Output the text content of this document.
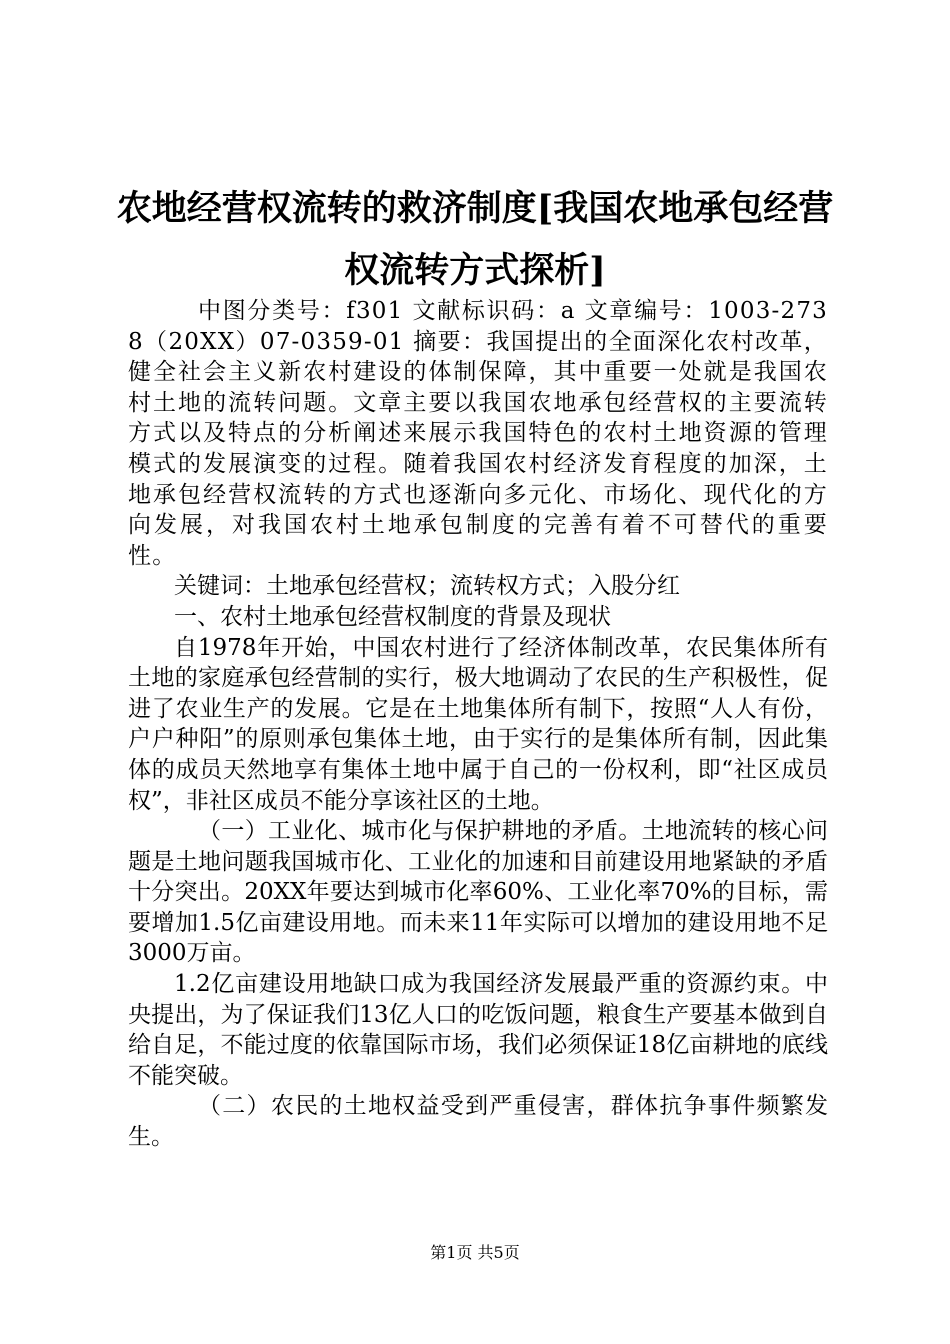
农地经营权流转的救济制度[我国农地承包经营权流转方式探析]

中图分类号：f301 文献标识码：a 文章编号：1003-2738（20XX）07-0359-01 摘要：我国提出的全面深化农村改革，健全社会主义新农村建设的体制保障，其中重要一处就是我国农村土地的流转问题。文章主要以我国农地承包经营权的主要流转方式以及特点的分析阐述来展示我国特色的农村土地资源的管理模式的发展演变的过程。随着我国农村经济发育程度的加深，土地承包经营权流转的方式也逐渐向多元化、市场化、现代化的方向发展，对我国农村土地承包制度的完善有着不可替代的重要性。

关键词：土地承包经营权；流转权方式；入股分红

一、农村土地承包经营权制度的背景及现状

自1978年开始，中国农村进行了经济体制改革，农民集体所有土地的家庭承包经营制的实行，极大地调动了农民的生产积极性，促进了农业生产的发展。它是在土地集体所有制下，按照“人人有份，户户种阳”的原则承包集体土地，由于实行的是集体所有制，因此集体的成员天然地享有集体土地中属于自己的一份权利，即“社区成员权”，非社区成员不能分享该社区的土地。

（一）工业化、城市化与保护耕地的矛盾。土地流转的核心问题是土地问题我国城市化、工业化的加速和目前建设用地紧缺的矛盾十分突出。20XX年要达到城市化率60%、工业化率70%的目标，需要增加1.5亿亩建设用地。而未来11年实际可以增加的建设用地不足3000万亩。

1.2亿亩建设用地缺口成为我国经济发展最严重的资源约束。中央提出，为了保证我们13亿人口的吃饭问题，粮食生产要基本做到自给自足，不能过度的依靠国际市场，我们必须保证18亿亩耕地的底线不能突破。

（二）农民的土地权益受到严重侵害，群体抗争事件频繁发生。

第1页 共5页
